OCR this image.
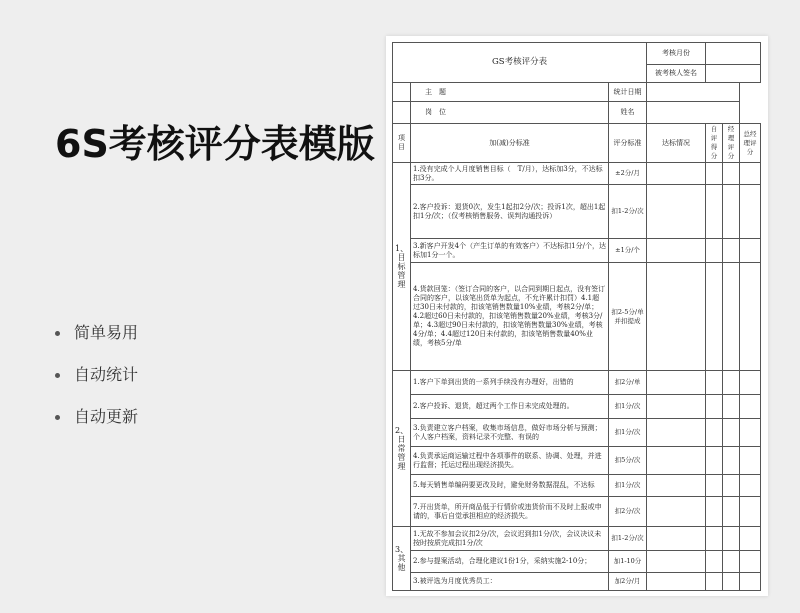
6S考核评分表模版
简单易用
自动统计
自动更新
GS考核评分表			考核月份			
			被考核人签名			
	主　题	统计日期				
	岗　位	姓名				
项目	加(减)分标准	评分标准	达标情况	自评得分	经理评分	总经理评分
1、目标管理	1.没有完成个人月度销售目标（　T/月），达标加3分，不达标扣3分。	±2分/月				
	2.客户投诉：退货0次，发生1起扣2分/次；投诉1次，超出1起扣1分/次；（仅考核销售服务、误判沟通投诉）	扣1-2分/次				
	3.新客户开发4个（产生订单的有效客户）不达标扣1分/个，达标加1分一个。	±1分/个				
	4.货款回笼：（签订合同的客户，以合同到期日起点，没有签订合同的客户，以该笔出货单为起点，不允许累计扣罚）4.1超过30日未付款的，扣该笔销售数量10%业绩，考核2分/单；4.2超过60日未付款的，扣该笔销售数量20%业绩，考核3分/单；4.3超过90日未付款的，扣该笔销售数量30%业绩，考核4分/单；4.4超过120日未付款的，扣该笔销售数量40%业绩，考核5分/单	扣2-5分/单并扣提成				
2、日常管理	1.客户下单到出货的一系列手续没有办理好，出错的	扣2分/单				
	2.客户投诉、退货，超过两个工作日未完成处理的。	扣1分/次				
	3.负责建立客户档案，收集市场信息，做好市场分析与预测；个人客户档案，资料记录不完整、有误的	扣1分/次				
	4.负责承运商运输过程中各项事件的联系、协调、处理，并进行监督；托运过程出现经济损失。	扣5分/次				
	5.每天销售单编码要更改及时，避免财务数据混乱，不达标	扣1分/次				
	7.开出货单，所开商品低于行情价或违货价而不及时上报或申请的，事后自觉承担相应的经济损失。	扣2分/次				
3、其他	1.无故不参加会议扣2分/次，会议迟到扣1分/次，会议决议未按时按质完成扣1分/次	扣1-2分/次				
	2.参与提案活动，合理化建议1份1分，采纳实施2-10分；	加1-10分				
	3.被评选为月度优秀员工：	加2分/月				
